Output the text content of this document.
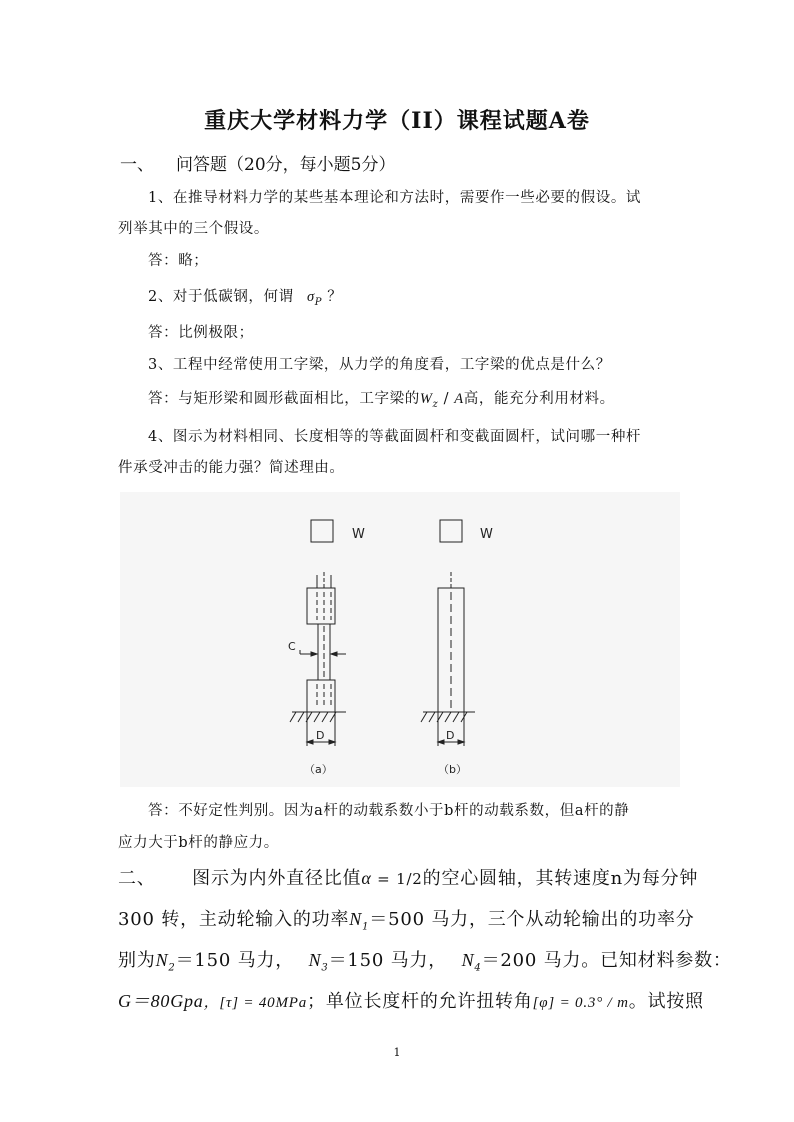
重庆大学材料力学（II）课程试题A卷
一、 问答题（20分，每小题5分）
1、在推导材料力学的某些基本理论和方法时，需要作一些必要的假设。试
列举其中的三个假设。
答：略；
2、对于低碳钢，何谓 $\sigma_P$ ？
答：比例极限；
3、工程中经常使用工字梁，从力学的角度看，工字梁的优点是什么？
答：与矩形梁和圆形截面相比，工字梁的$W_z$ / A高，能充分利用材料。
4、图示为材料相同、长度相等的等截面圆杆和变截面圆杆，试问哪一种杆
件承受冲击的能力强？简述理由。
W
C
D
（a）
W
D
（b）
答：不好定性判别。因为a杆的动载系数小于b杆的动载系数，但a杆的静
应力大于b杆的静应力。
二、 图示为内外直径比值α = 1/2的空心圆轴，其转速度n为每分钟
300 转，主动轮输入的功率$N_1=500$ 马力，三个从动轮输出的功率分
别为$N_2=150$ 马力， $N_3=150$ 马力， $N_4=200$ 马力。已知材料参数：
G＝80Gpa，[τ] = 40MPa；单位长度杆的允许扭转角[φ] = 0.3° / m。试按照
1
